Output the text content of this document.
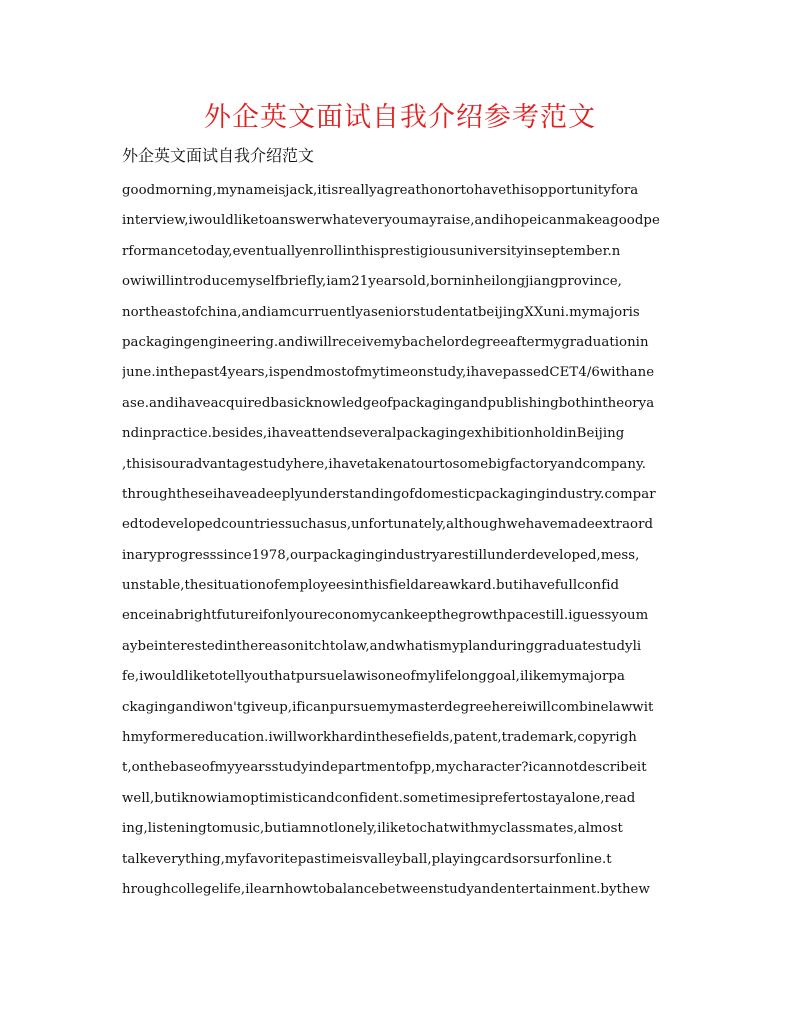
外企英文面试自我介绍参考范文

外企英文面试自我介绍范文

goodmorning,mynameisjack,itisreallyagreathonortohavethisopportunityfora
interview,iwouldliketoanswerwhateveryoumayraise,andihopeicanmakeagoodpe
rformancetoday,eventuallyenrollinthisprestigiousuniversityinseptember.n
owiwillintroducemyselfbriefly,iam21yearsold,borninheilongjiangprovince,
northeastofchina,andiamcurruentlyaseniorstudentatbeijingXXuni.mymajoris
packagingengineering.andiwillreceivemybachelordegreeaftermygraduationin
june.inthepast4years,ispendmostofmytimeonstudy,ihavepassedCET4/6withane
ase.andihaveacquiredbasicknowledgeofpackagingandpublishingbothintheorya
ndinpractice.besides,ihaveattendseveralpackagingexhibitionholdinBeijing
,thisisouradvantagestudyhere,ihavetakenatourtosomebigfactoryandcompany.
throughtheseihaveadeeplyunderstandingofdomesticpackagingindustry.compar
edtodevelopedcountriessuchasus,unfortunately,althoughwehavemadeextraord
inaryprogresssince1978,ourpackagingindustryarestillunderdeveloped,mess,
unstable,thesituationofemployeesinthisfieldareawkard.butihavefullconfid
enceinabrightfutureifonlyoureconomycankeepthegrowthpacestill.iguessyoum
aybeinterestedinthereasonitchtolaw,andwhatismyplanduringgraduatestudyli
fe,iwouldliketotellyouthatpursuelawisoneofmylifelonggoal,ilikemymajorpa
ckagingandiwon'tgiveup,ificanpursuemymasterdegreehereiwillcombinelawwit
hmyformereducation.iwillworkhardinthesefields,patent,trademark,copyrigh
t,onthebaseofmyyearsstudyindepartmentofpp,mycharacter?icannotdescribeit
well,butiknowiamoptimisticandconfident.sometimesiprefertostayalone,read
ing,listeningtomusic,butiamnotlonely,iliketochatwithmyclassmates,almost
talkeverything,myfavoritepastimeisvalleyball,playingcardsorsurfonline.t
hroughcollegelife,ilearnhowtobalancebetweenstudyandentertainment.bythew
